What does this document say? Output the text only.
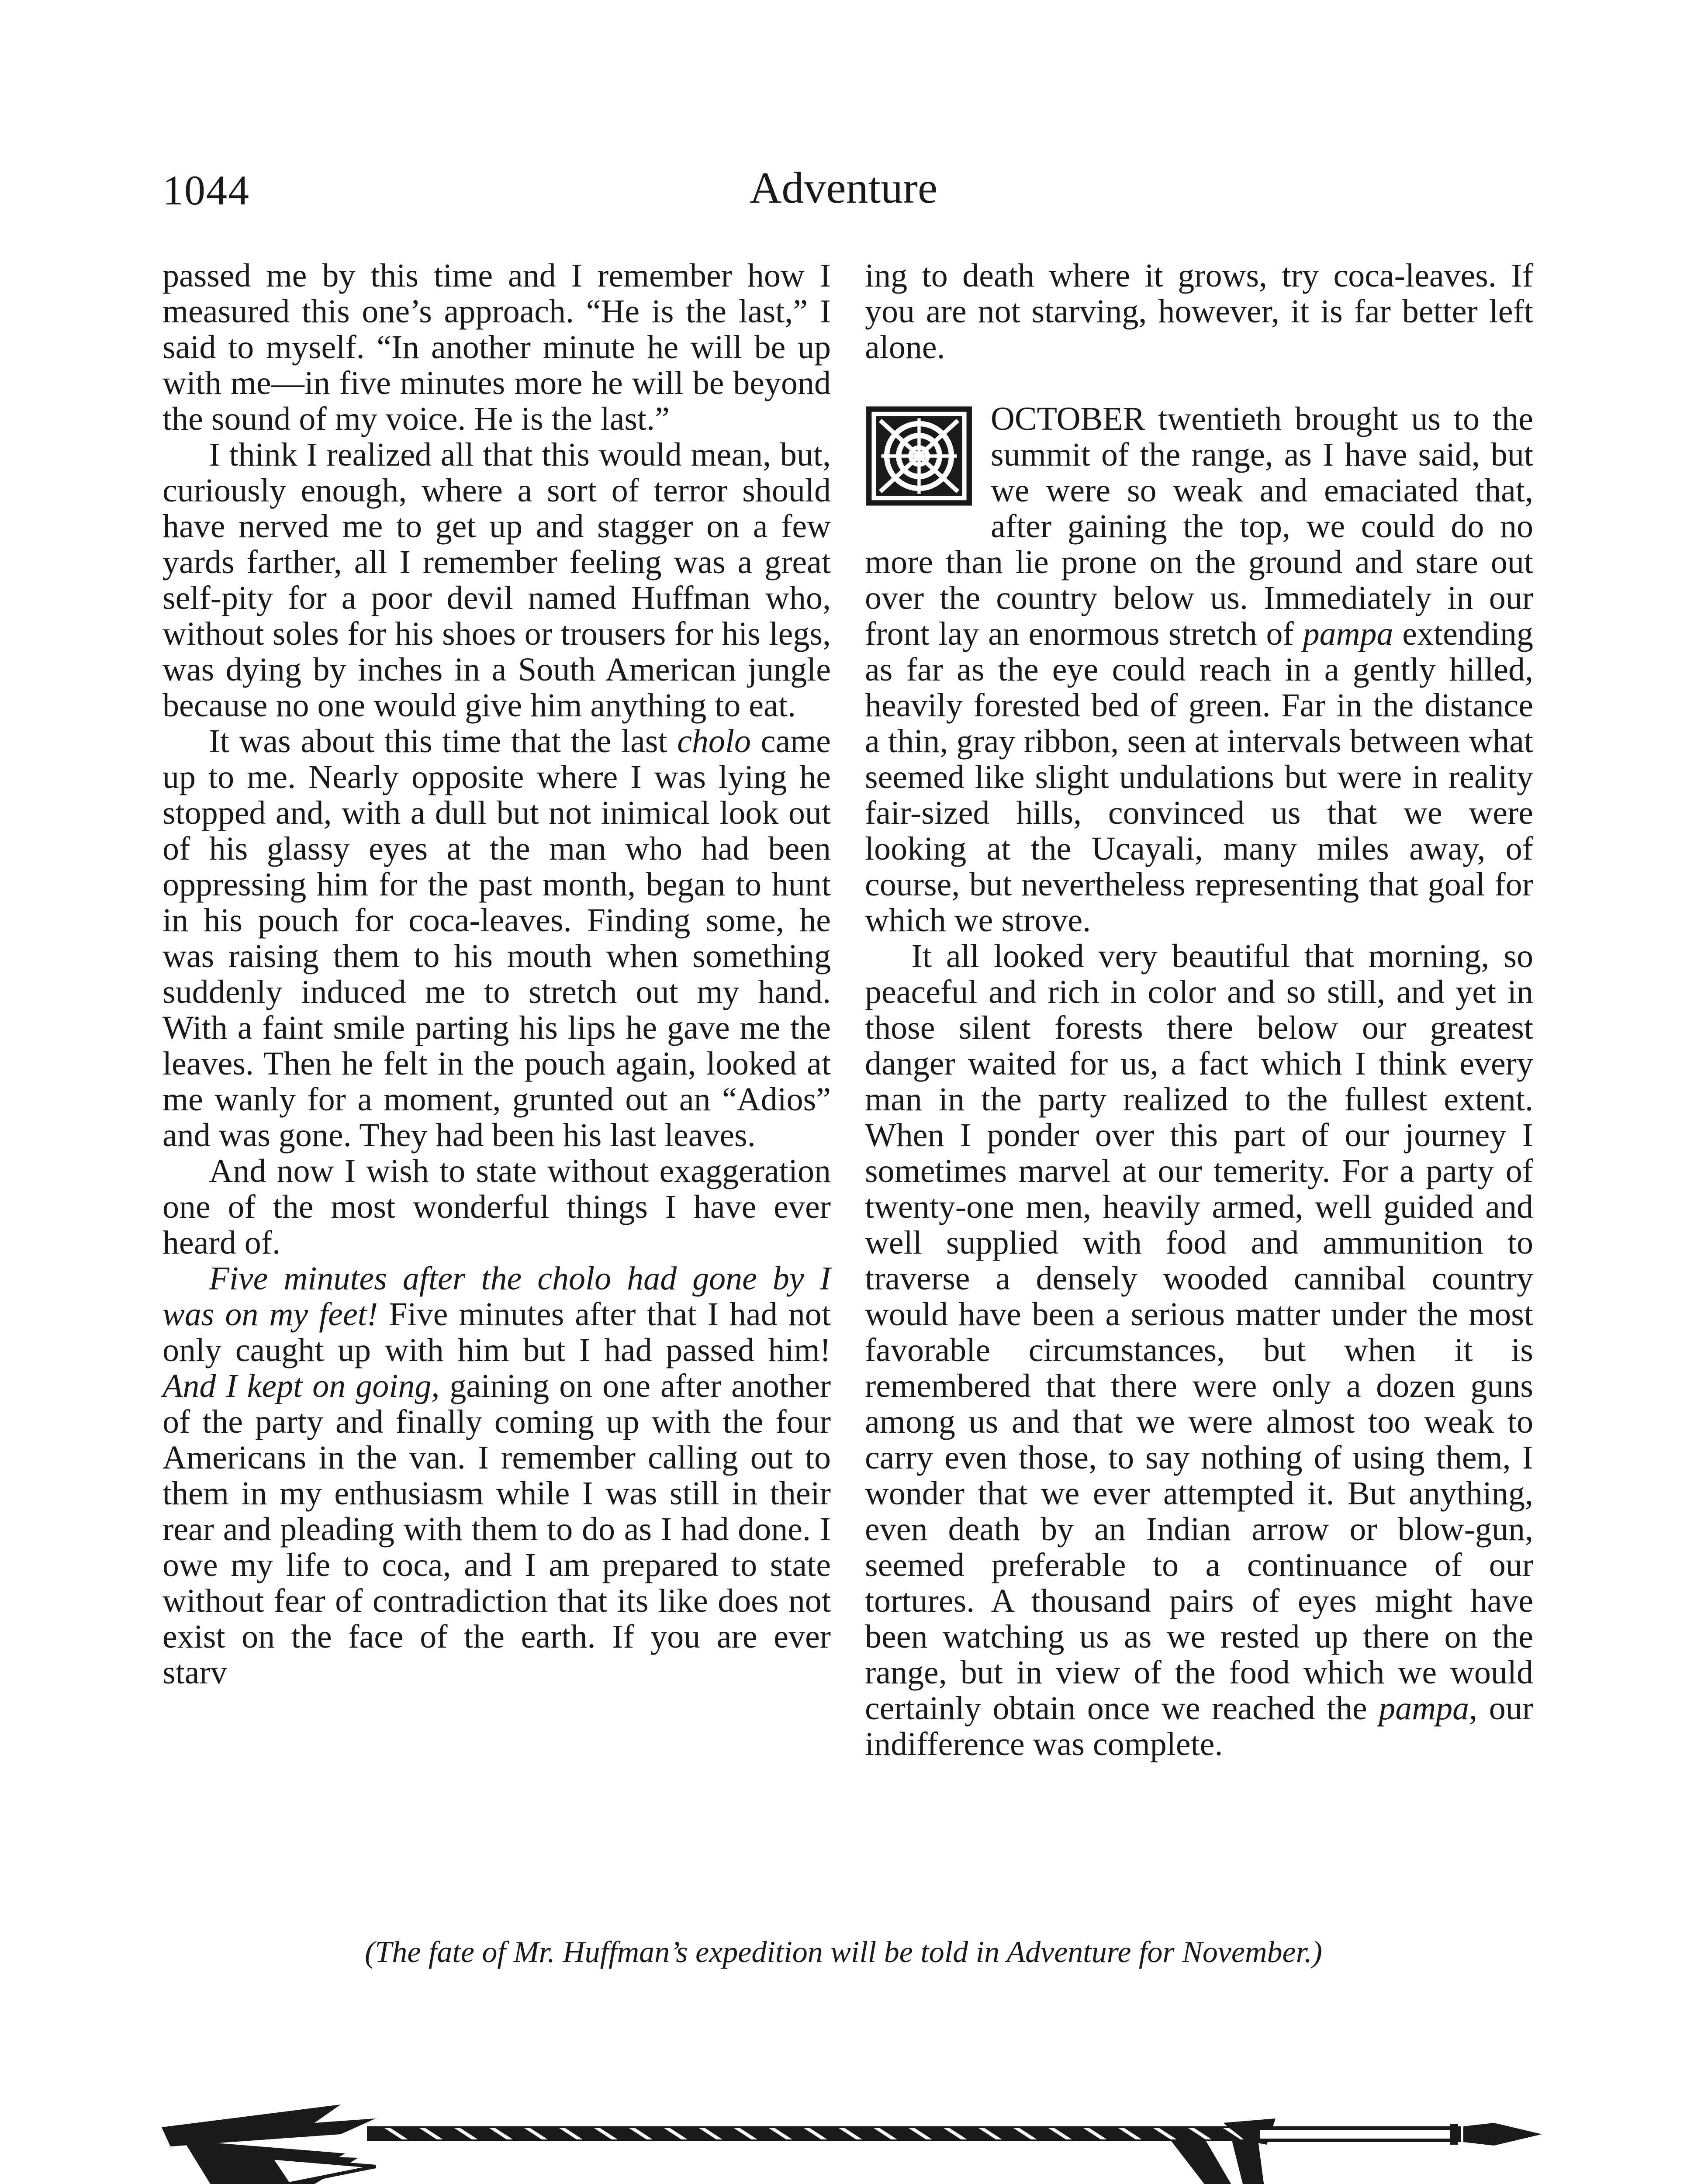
1044	Adventure

passed me by this time and I remember how I measured this one’s approach. “He is the last,” I said to myself. “In another minute he will be up with me—in five minutes more he will be beyond the sound of my voice. He is the last.”

I think I realized all that this would mean, but, curiously enough, where a sort of terror should have nerved me to get up and stagger on a few yards farther, all I remember feeling was a great self-pity for a poor devil named Huffman who, without soles for his shoes or trousers for his legs, was dying by inches in a South American jungle because no one would give him anything to eat.

It was about this time that the last cholo came up to me. Nearly opposite where I was lying he stopped and, with a dull but not inimical look out of his glassy eyes at the man who had been oppressing him for the past month, began to hunt in his pouch for coca-leaves. Finding some, he was raising them to his mouth when something suddenly induced me to stretch out my hand. With a faint smile parting his lips he gave me the leaves. Then he felt in the pouch again, looked at me wanly for a moment, grunted out an “Adios” and was gone. They had been his last leaves.

And now I wish to state without exaggeration one of the most wonderful things I have ever heard of.

Five minutes after the cholo had gone by I was on my feet! Five minutes after that I had not only caught up with him but I had passed him! And I kept on going, gaining on one after another of the party and finally coming up with the four Americans in the van. I remember calling out to them in my enthusiasm while I was still in their rear and pleading with them to do as I had done. I owe my life to coca, and I am prepared to state without fear of contradiction that its like does not exist on the face of the earth. If you are ever starv

ing to death where it grows, try coca-leaves. If you are not starving, however, it is far better left alone.

OCTOBER twentieth brought us to the summit of the range, as I have said, but we were so weak and emaciated that, after gaining the top, we could do no more than lie prone on the ground and stare out over the country below us. Immediately in our front lay an enormous stretch of pampa extending as far as the eye could reach in a gently hilled, heavily forested bed of green. Far in the distance a thin, gray ribbon, seen at intervals between what seemed like slight undulations but were in reality fair-sized hills, convinced us that we were looking at the Ucayali, many miles away, of course, but nevertheless representing that goal for which we strove.

It all looked very beautiful that morning, so peaceful and rich in color and so still, and yet in those silent forests there below our greatest danger waited for us, a fact which I think every man in the party realized to the fullest extent. When I ponder over this part of our journey I sometimes marvel at our temerity. For a party of twenty-one men, heavily armed, well guided and well supplied with food and ammunition to traverse a densely wooded cannibal country would have been a serious matter under the most favorable circumstances, but when it is remembered that there were only a dozen guns among us and that we were almost too weak to carry even those, to say nothing of using them, I wonder that we ever attempted it. But anything, even death by an Indian arrow or blow-gun, seemed preferable to a continuance of our tortures. A thousand pairs of eyes might have been watching us as we rested up there on the range, but in view of the food which we would certainly obtain once we reached the pampa, our indifference was complete.

(The fate of Mr. Huffman’s expedition will be told in Adventure for November.)
